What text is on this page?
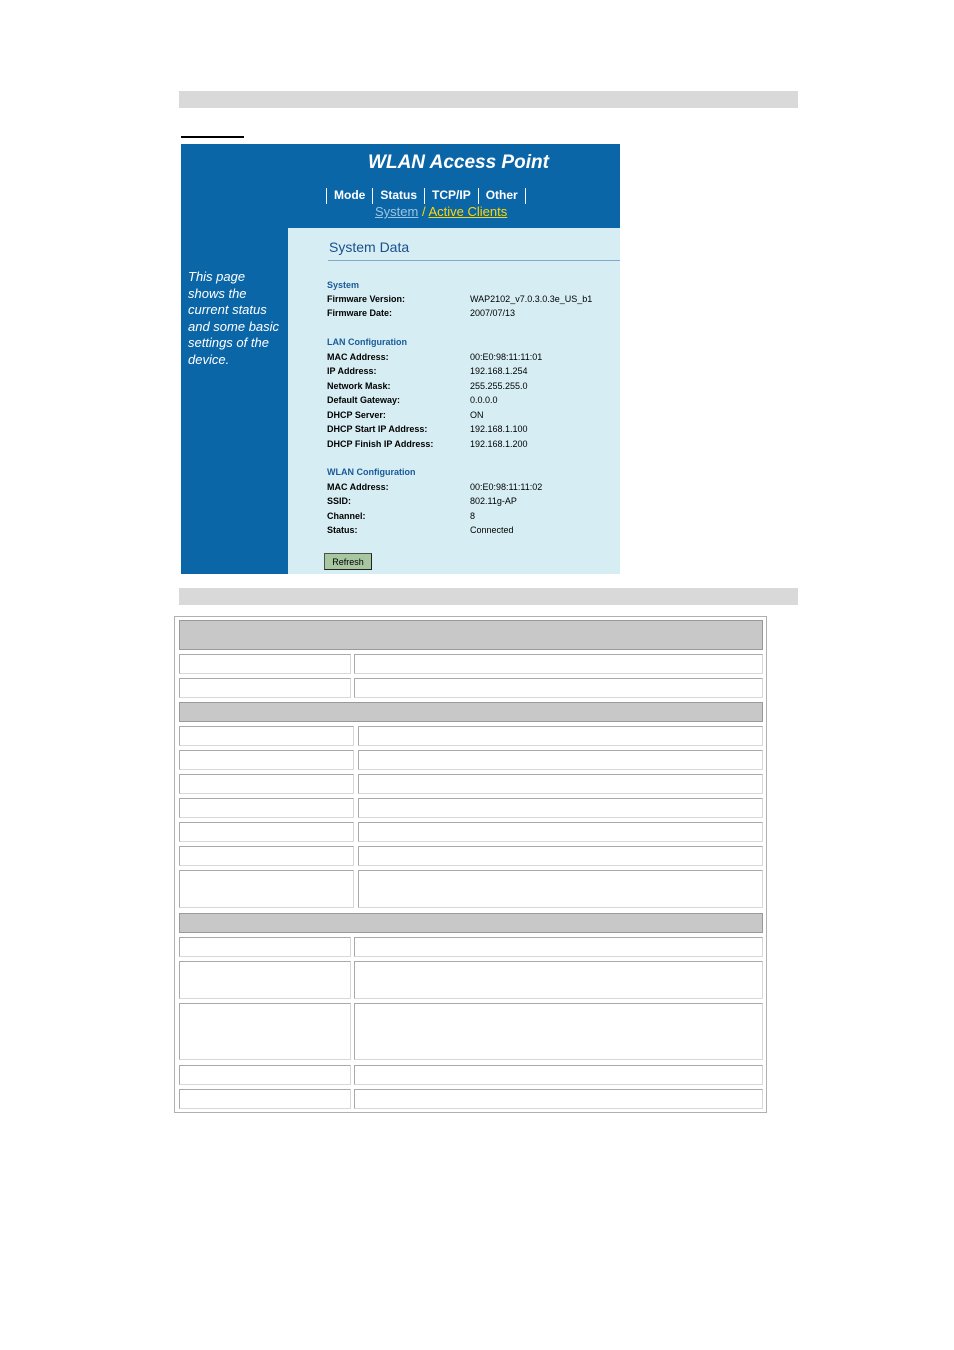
WLAN Access Point
Mode	Status	TCP/IP	Other
System / Active Clients
This page shows the current status and some basic settings of the device.
System Data
System
Firmware Version:	WAP2102_v7.0.3.0.3e_US_b1
Firmware Date:	2007/07/13
LAN Configuration
MAC Address:	00:E0:98:11:11:01
IP Address:	192.168.1.254
Network Mask:	255.255.255.0
Default Gateway:	0.0.0.0
DHCP Server:	ON
DHCP Start IP Address:	192.168.1.100
DHCP Finish IP Address:	192.168.1.200
WLAN Configuration
MAC Address:	00:E0:98:11:11:02
SSID:	802.11g-AP
Channel:	8
Status:	Connected
Refresh
